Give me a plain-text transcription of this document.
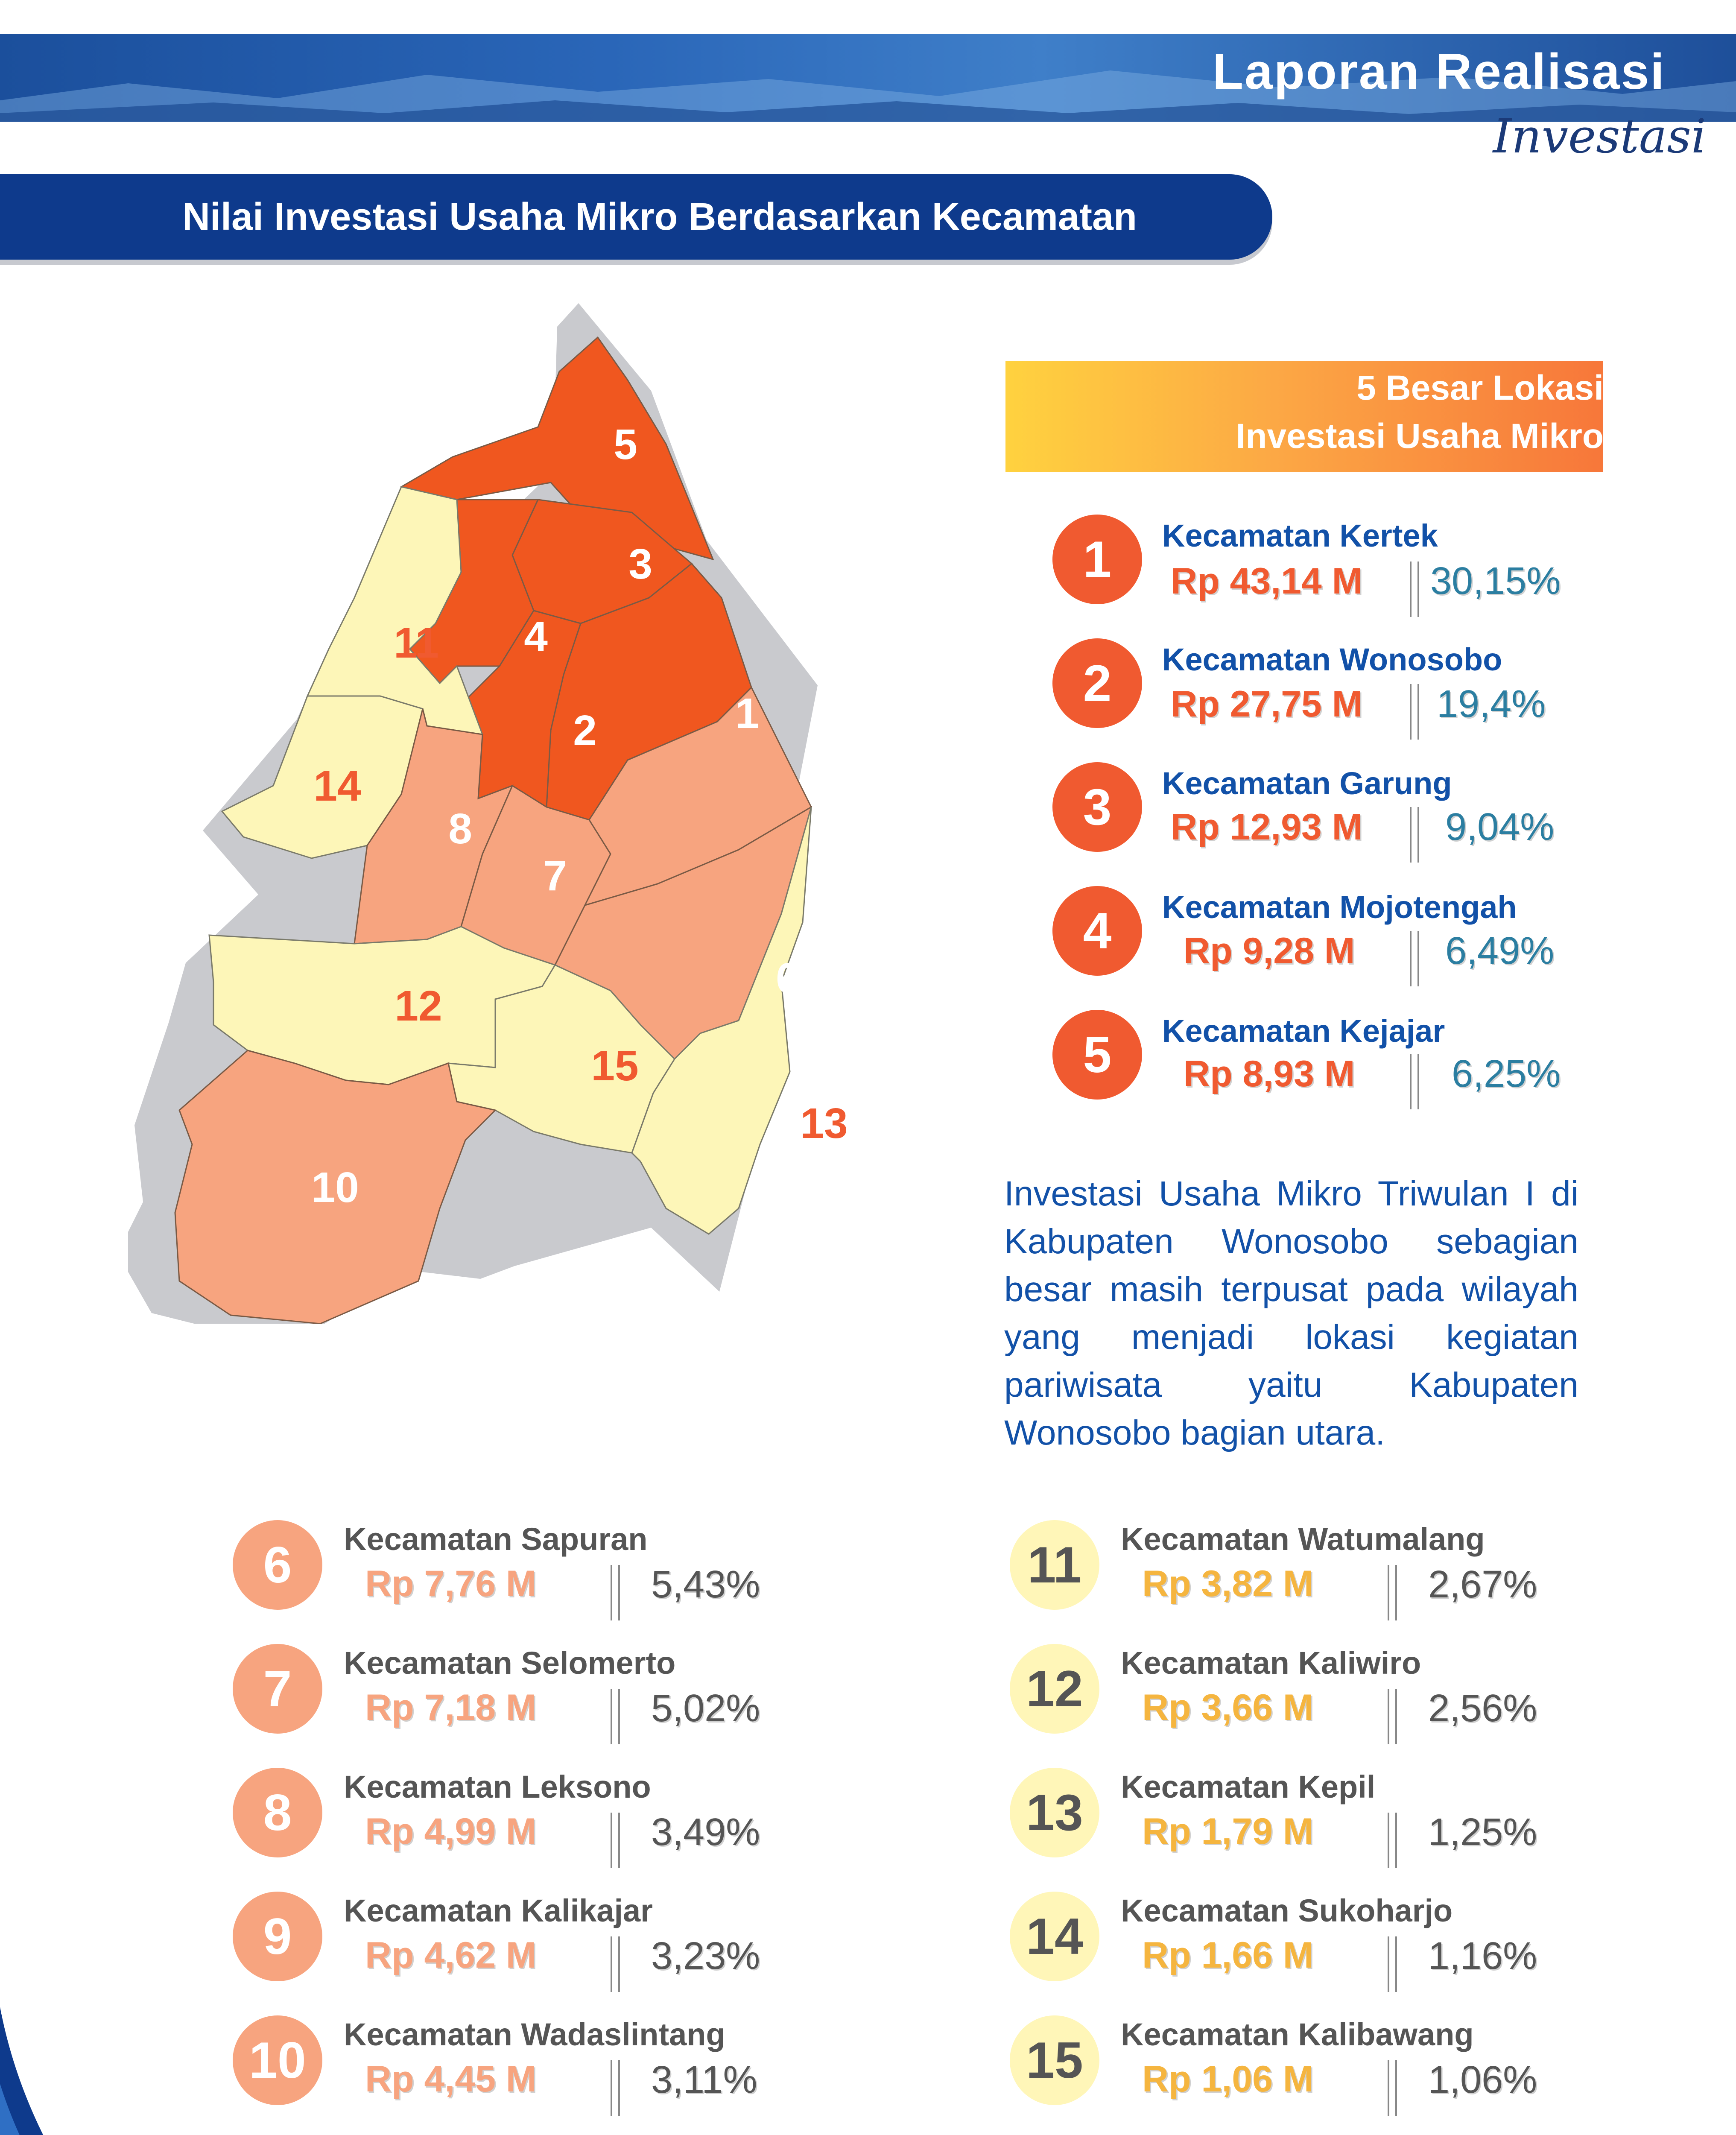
Laporan Realisasi
Investasi
Nilai Investasi Usaha Mikro Berdasarkan Kecamatan
5
3
4
2	1
9
8
7
6
10
11
14
12
15
13
5 Besar Lokasi
Investasi Usaha Mikro
1	Kecamatan Kertek
Rp 43,14 M 30,15%
2	Kecamatan Wonosobo
Rp 27,75 M 19,4%
3	Kecamatan Garung
Rp 12,93 M 9,04%
4	Kecamatan Mojotengah
Rp 9,28 M 6,49%
5	Kecamatan Kejajar
Rp 8,93 M	6,25%
Investasi Usaha Mikro Triwulan I di Kabupaten Wonosobo sebagian besar masih terpusat pada wilayah yang menjadi lokasi kegiatan pariwisata yaitu Kabupaten Wonosobo bagian utara.
6	Kecamatan Sapuran
Rp 7,76 M	5,43%
7	Kecamatan Selomerto
Rp 7,18 M	5,02%
8	Kecamatan Leksono
Rp 4,99 M	3,49%
9	Kecamatan Kalikajar
Rp 4,62 M	3,23%
10	Kecamatan Wadaslintang
Rp 4,45 M	3,11%
11	Kecamatan Watumalang
Rp 3,82 M	2,67%
12	Kecamatan Kaliwiro
Rp 3,66 M	2,56%
13	Kecamatan Kepil
Rp 1,79 M	1,25%
14	Kecamatan Sukoharjo
Rp 1,66 M	1,16%
15	Kecamatan Kalibawang
Rp 1,06 M	1,06%
